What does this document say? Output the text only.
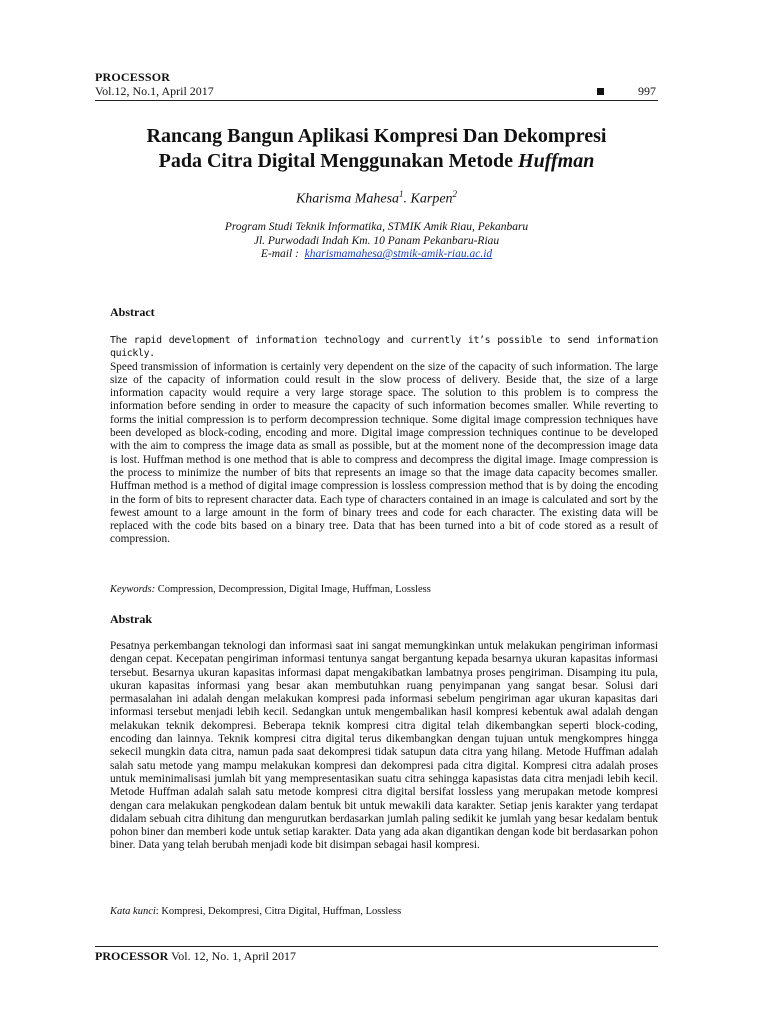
PROCESSOR
Vol.12, No.1, April 2017	997
Rancang Bangun Aplikasi Kompresi Dan Dekompresi
Pada Citra Digital Menggunakan Metode Huffman
Kharisma Mahesa$^1$. Karpen$^2$
Program Studi Teknik Informatika, STMIK Amik Riau, Pekanbaru
Jl. Purwodadi Indah Km. 10 Panam Pekanbaru-Riau
E-mail : kharismamahesa@stmik-amik-riau.ac.id
Abstract
The rapid development of information technology and currently it’s possible to send information quickly.
Speed transmission of information is certainly very dependent on the size of the capacity of such information. The large size of the capacity of information could result in the slow process of delivery. Beside that, the size of a large information capacity would require a very large storage space. The solution to this problem is to compress the information before sending in order to measure the capacity of such information becomes smaller. While reverting to forms the initial compression is to perform decompression technique. Some digital image compression techniques have been developed as block-coding, encoding and more. Digital image compression techniques continue to be developed with the aim to compress the image data as small as possible, but at the moment none of the decompression image data is lost. Huffman method is one method that is able to compress and decompress the digital image. Image compression is the process to minimize the number of bits that represents an image so that the image data capacity becomes smaller. Huffman method is a method of digital image compression is lossless compression method that is by doing the encoding in the form of bits to represent character data. Each type of characters contained in an image is calculated and sort by the fewest amount to a large amount in the form of binary trees and code for each character. The existing data will be replaced with the code bits based on a binary tree. Data that has been turned into a bit of code stored as a result of compression.
Keywords: Compression, Decompression, Digital Image, Huffman, Lossless
Abstrak
Pesatnya perkembangan teknologi dan informasi saat ini sangat memungkinkan untuk melakukan pengiriman informasi dengan cepat. Kecepatan pengiriman informasi tentunya sangat bergantung kepada besarnya ukuran kapasitas informasi tersebut. Besarnya ukuran kapasitas informasi dapat mengakibatkan lambatnya proses pengiriman. Disamping itu pula, ukuran kapasitas informasi yang besar akan membutuhkan ruang penyimpanan yang sangat besar. Solusi dari permasalahan ini adalah dengan melakukan kompresi pada informasi sebelum pengiriman agar ukuran kapasitas dari informasi tersebut menjadi lebih kecil. Sedangkan untuk mengembalikan hasil kompresi kebentuk awal adalah dengan melakukan teknik dekompresi. Beberapa teknik kompresi citra digital telah dikembangkan seperti block-coding, encoding dan lainnya. Teknik kompresi citra digital terus dikembangkan dengan tujuan untuk mengkompres hingga sekecil mungkin data citra, namun pada saat dekompresi tidak satupun data citra yang hilang. Metode Huffman adalah salah satu metode yang mampu melakukan kompresi dan dekompresi pada citra digital. Kompresi citra adalah proses untuk meminimalisasi jumlah bit yang mempresentasikan suatu citra sehingga kapasistas data citra menjadi lebih kecil. Metode Huffman adalah salah satu metode kompresi citra digital bersifat lossless yang merupakan metode kompresi dengan cara melakukan pengkodean dalam bentuk bit untuk mewakili data karakter. Setiap jenis karakter yang terdapat didalam sebuah citra dihitung dan mengurutkan berdasarkan jumlah paling sedikit ke jumlah yang besar kedalam bentuk pohon biner dan memberi kode untuk setiap karakter. Data yang ada akan digantikan dengan kode bit berdasarkan pohon biner. Data yang telah berubah menjadi kode bit disimpan sebagai hasil kompresi.
Kata kunci: Kompresi, Dekompresi, Citra Digital, Huffman, Lossless
PROCESSOR Vol. 12, No. 1, April 2017
